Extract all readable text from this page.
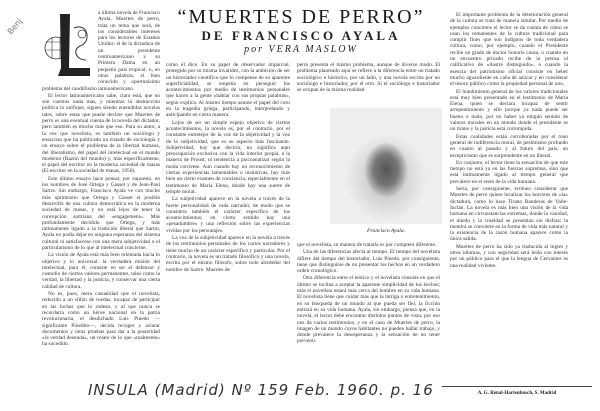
Benj	“MUERTES DE PERRO”
DE FRANCISCO AYALA
por VERA MASLOW

a última novela de Francisco Ayala, Muertes de perro, trata un tema que será, de los considerables intereses para los lectores de Estados Unidos: el de la dictadura de un presidente centroamericano y su Primera Dama en un pequeño país tropical; o, en otras palabras, el bien conocido y oportunísimo problema del caudillismo latinoamericano.

El lector latinoamericano sabe, claro está, que no son cuentos nada más, y mientras la abstracción política lo unifique, siguen siendo entendidas novelas tales, sobre estas que puede decirse que Muertes de perro es una eventual cuenta de la novela del dictador, pero también es mucho más que eso. Para su autor, a la vez que novelista, es también un sociólogo y ensayista que ha publicado un tratado de sociología y un ensayo sobre el problema de la libertad humana, del liberalismo, del papel del intelectual en el mundo moderno (Razón del mundo) y, más específicamente, el papel del escritor en la moderna sociedad de masas (El escritor en la sociedad de masas, 1956).

Este último ensayo hace pensar, por supuesto, en los nombres de José Ortega y Gasset y de Jean-Paul Sartre. Sin embargo, Francisco Ayala ve con mucho más optimismo que Ortega y Gasset el posible desarrollo de una cultura democrática en la moderna sociedad de masas, y no está lejos de tener la concepción sartriana del «engagement». Más profundamente decidido que Ortega, y más íntimamente ligado a la tradición liberal que Sartre, Ayala no podía dejar en ninguna esperanza del sistema cultural ni satisfacerse con una mera subjetividad o el particularismo de lo que al intelectual concierne.

La visión de Ayala está más bien orientada hacia lo objetivo y lo universal: la verdadera misión del intelectual, para él, consiste en ser el defensor y custodio de ciertos valores permanentes, tales como la verdad, la libertad y la justicia, y conservar una cierta calidad de cultura.

No es, pues, mera casualidad que el novelista, reducido a un sillón de ruedas, incapaz de participar en las luchas que lo rodean, y al que nunca se recordaría como un héroe nacional en la patria revolucionaria, el desdichado Luis Pinedo —significante Pinedito—, decida recoger y aclarar documentos y otras pruebas para dar a la posteridad «la verdad desnuda», un relato de lo que «realmente» ha sucedido.

como él dice. En su papel de observador imparcial, protegido por su misma invalidez, con la ambición de ser un historiador científico que lo compense de su aparente superficialidad, se empeña en perseguir los acontecimientos por medio de testimonios personales que hacen a la gente «hablar con sus propias palabras», según explica. Al mismo tiempo asume el papel del coro en la tragedia griega, participando, interpretando y anticipando en cierta manera.

Lejos de ser un simple espejo objetivo de ciertos acontecimientos, la novela es, por el contrario, por el constante entretejer de la voz de la objetividad y la voz de la subjetividad, que es su aspecto más fascinante. Subjetividad, hay que decirlo, no significa aquí preocupación exclusiva con la vida interior propia, a la manera de Proust, ni tendencia a psicoanalizar según la moda corriente. Aun cuando hay un reconocimiento de ciertas experiencias lamentables o instintivas, hay más bien un cierto examen de conciencia, especialmente en el testimonio de María Elena, donde hay una suerte de temple moral.

La subjetividad aparece en la novela a través de la fuerte personalidad de cada narrador, de modo que se considera también el carácter específico de los acontecimientos; en cierto sentido hay una «pesadumbre» y una reflexión sobre las experiencias vividas por los personajes.

La voz de la subjetividad aparece en la novela a través de los testimonios personales de los varios narradores y tiene mucho de un carácter específico y particular. Por el contrario, la novela es un tratado filosófico y una novela, escrita por el mismo filósofo, sobre todo alrededor del nombre de Sartre. Muertes de

perro presenta el mismo problema, aunque de diverso modo. El problema planteado aquí se refiere a la diferencia entre un tratado sociológico e histórico, por un lado, y una novela escrita por un sociólogo e historiador, por el otro. Si el sociólogo e historiador se ocupan de la misma realidad

Francisco Ayala.

que el novelista, su manera de tratarla es por completo diferente.

Una de las diferencias afecta al tiempo. El tiempo del novelista difiere del tiempo del historiador. Luis Pinedo, por consiguiente, tiene que distinguirse de no presentar los hechos en un verdadero orden cronológico.

Otra diferencia entre el teórico y el novelista consiste en que el último se inclina a aceptar la aparente simplicidad de los hechos; más el novelista estará más cerca del hombre en su vida humana. El novelista tiene que cuidar más que la intriga o entretenimiento, en su búsqueda de un mundo al que pueda ser fiel, la ficción entrará en su vida humana. Ayala, sin embargo, piensa que, en la novela, el lector debe encontrar distintos puntos de vista; por eso nos da varios testimonios, y en el caso de Muertes de perro, la imagen de un mundo cuyos habitantes no pueden hallar trabajo, y donde prevalece la desesperanza y la sensación de no tener porvenir.

El importante problema de la deterioración general de la cultura se trata de manera similar. Por medio de ejemplos concretos el lector se da cuenta de cómo se usan los remanentes de la cultura tradicional para cumplir fines que son indignos de toda verdadera cultura, como, por ejemplo, cuando el Presidente recibe un grado de doctor honoris causa, o cuando en un encuentro privado recibe de la prensa el calificativo de «ilustre distinguido», o cuando la esencia del patriotismo oficial consiste en beber mucho aguardiente en caña de azúcar y en considerar el tesoro público como la propiedad personal de uno.

El hundimiento general de los valores tradicionales está muy bien presentado en el testimonio de María Elena, quien se declara incapaz de sentir arrepentimiento y ello porque ya nada puede ser bueno o malo, por no haber ya ningún sentido de valores morales en un mundo donde el presidente es un tirano y la justicia está corrompida.

Estas cualidades están corroboradas por el tono general de indiferencia moral, de pesimismo profundo en cuanto al pasado y al futuro del país, un escepticismo que es sorprendente en un liberal.

En conjunto, el lector tiene la sensación de que este tiempo no está ya en las fuerzas supremas, sino que está íntimamente ligado al tiempo general que prevalece en el resto de la vida humana.

Sería, por consiguiente, erróneo considerar que Muertes de perro quiere localizar los horrores de «la» dictadura, como lo hace Tirano Banderas de Valle-Inclán. La novela es más bien una visión de la vida humana en circunstancias extremas, donde la vanidad, el miedo y la crueldad se presentan sin disfraz; la mentira se convierte en la forma de vida más natural y la existencia de la razón humana aparece como la única salida.

Muertes de perro ha sido ya traducida al inglés y otros idiomas, y con seguridad será leída con interés por un público para el que la lengua de Cervantes es una realidad viviente.

INSULA (Madrid) Nº 159 Feb. 1960. p. 16	A. G. Renal-Hartenbusch, S. Madrid
